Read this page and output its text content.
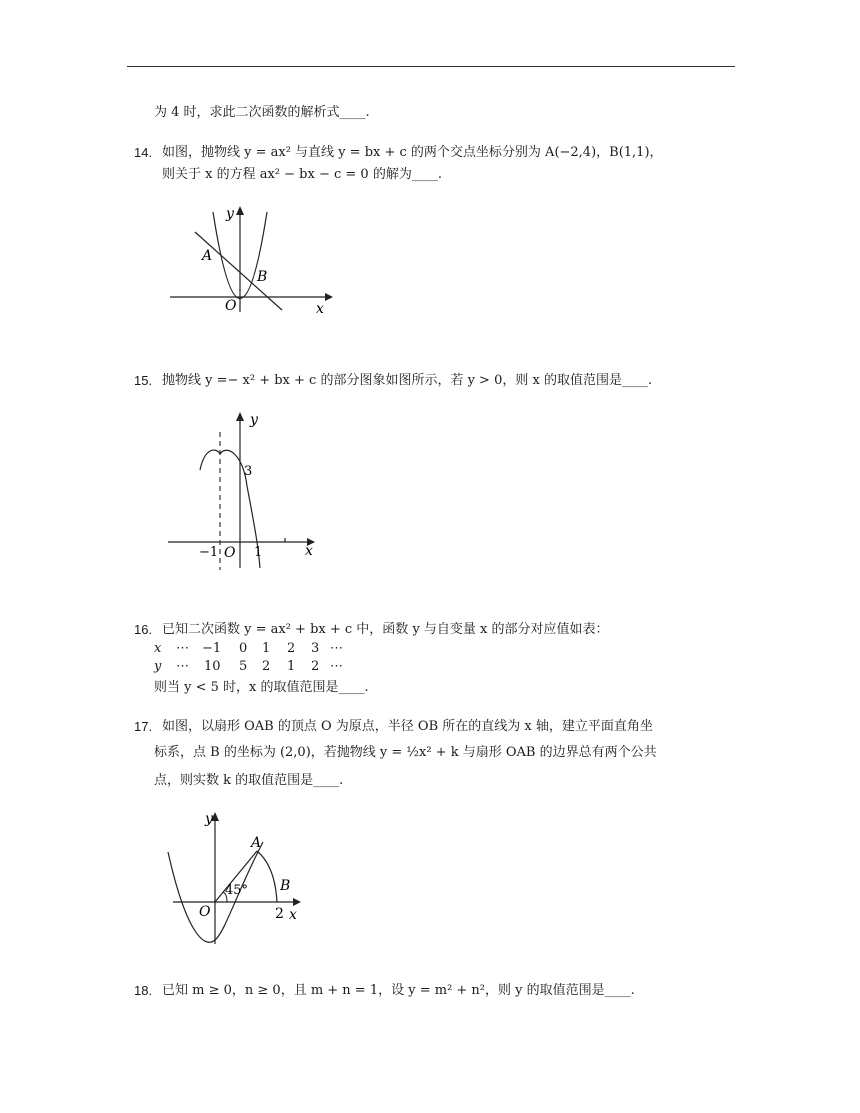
为 4 时，求此二次函数的解析式____.
14. 如图，抛物线 y = ax² 与直线 y = bx + c 的两个交点坐标分别为 A(−2,4)，B(1,1)，
则关于 x 的方程 ax² − bx − c = 0 的解为____.
y
x
O
A
B
15. 抛物线 y =− x² + bx + c 的部分图象如图所示，若 y > 0，则 x 的取值范围是____.
y
x
O
3
−1	1
16. 已知二次函数 y = ax² + bx + c 中，函数 y 与自变量 x 的部分对应值如表：
x ⋯ −1 0 1 2 3 ⋯
y ⋯ 10 5 2 1 2 ⋯
则当 y < 5 时，x 的取值范围是____.
17. 如图，以扇形 OAB 的顶点 O 为原点，半径 OB 所在的直线为 x 轴，建立平面直角坐
标系，点 B 的坐标为 (2,0)，若抛物线 y = ½x² + k 与扇形 OAB 的边界总有两个公共
点，则实数 k 的取值范围是____.
y
x
O
A
B
2
45°
18. 已知 m ≥ 0，n ≥ 0，且 m + n = 1，设 y = m² + n²，则 y 的取值范围是____.
